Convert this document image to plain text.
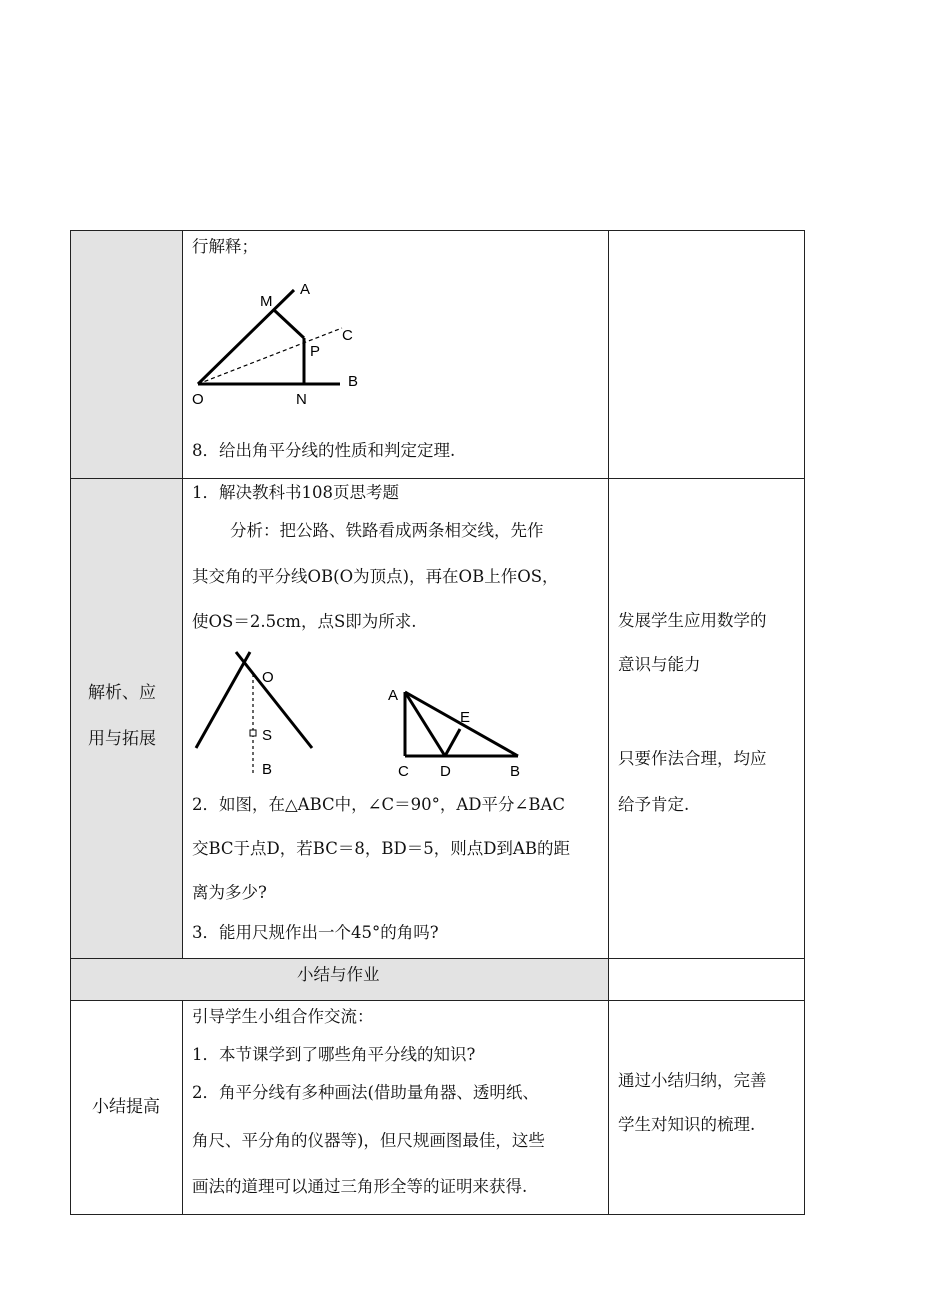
行解释；
M
A
C
P
B
O	N
8．给出角平分线的性质和判定定理.
解析、应
用与拓展
1．解决教科书108页思考题
分析：把公路、铁路看成两条相交线，先作
其交角的平分线OB(O为顶点)，再在OB上作OS，
使OS＝2.5cm，点S即为所求.
O
S
B
A
E
C D	B
2．如图，在△ABC中，∠C＝90°，AD平分∠BAC
交BC于点D，若BC＝8，BD＝5，则点D到AB的距
离为多少?
3．能用尺规作出一个45°的角吗?
发展学生应用数学的
意识与能力
只要作法合理，均应
给予肯定.
小结与作业
小结提高
引导学生小组合作交流：
1．本节课学到了哪些角平分线的知识?
2．角平分线有多种画法(借助量角器、透明纸、
角尺、平分角的仪器等)，但尺规画图最佳，这些
画法的道理可以通过三角形全等的证明来获得.
通过小结归纳，完善
学生对知识的梳理.
